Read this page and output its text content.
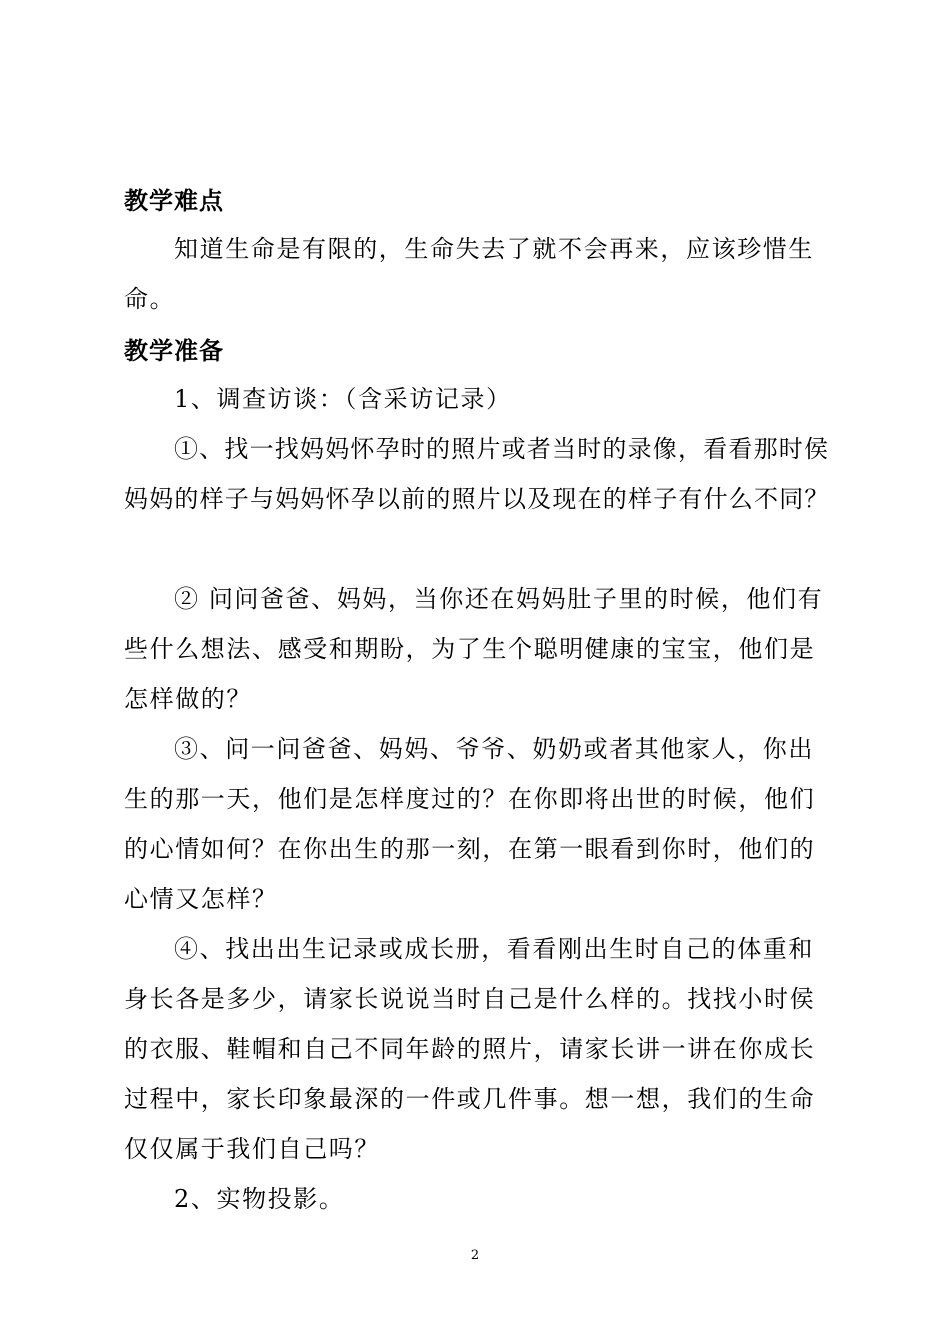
教学难点

知道生命是有限的，生命失去了就不会再来，应该珍惜生命。

教学准备

1、调查访谈：（含采访记录）

①、找一找妈妈怀孕时的照片或者当时的录像，看看那时侯妈妈的样子与妈妈怀孕以前的照片以及现在的样子有什么不同？

② 问问爸爸、妈妈，当你还在妈妈肚子里的时候，他们有些什么想法、感受和期盼，为了生个聪明健康的宝宝，他们是怎样做的？

③、问一问爸爸、妈妈、爷爷、奶奶或者其他家人，你出生的那一天，他们是怎样度过的？在你即将出世的时候，他们的心情如何？在你出生的那一刻，在第一眼看到你时，他们的心情又怎样？

④、找出出生记录或成长册，看看刚出生时自己的体重和身长各是多少，请家长说说当时自己是什么样的。找找小时侯的衣服、鞋帽和自己不同年龄的照片，请家长讲一讲在你成长过程中，家长印象最深的一件或几件事。想一想，我们的生命仅仅属于我们自己吗？

2、实物投影。

2
